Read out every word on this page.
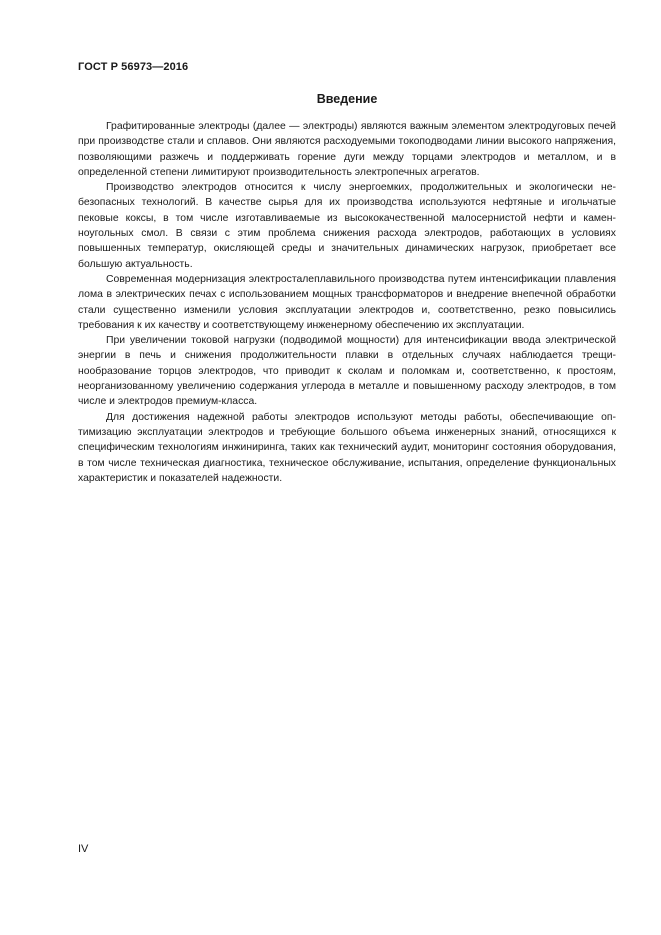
ГОСТ Р 56973—2016
Введение

Графитированные электроды (далее — электроды) являются важным элементом электродуговых печей при производстве стали и сплавов. Они являются расходуемыми токоподводами линии высокого напряжения, позволяющими разжечь и поддерживать горение дуги между торцами электродов и металлом, и в определенной степени лимитируют производительность электропечных агрегатов.

Производство электродов относится к числу энергоемких, продолжительных и экологически небезопасных технологий. В качестве сырья для их производства используются нефтяные и игольчатые пековые коксы, в том числе изготавливаемые из высококачественной малосернистой нефти и каменноугольных смол. В связи с этим проблема снижения расхода электродов, работающих в условиях повышенных температур, окисляющей среды и значительных динамических нагрузок, приобретает все большую актуальность.

Современная модернизация электросталеплавильного производства путем интенсификации плавления лома в электрических печах с использованием мощных трансформаторов и внедрение внепечной обработки стали существенно изменили условия эксплуатации электродов и, соответственно, резко повысились требования к их качеству и соответствующему инженерному обеспечению их эксплуатации.

При увеличении токовой нагрузки (подводимой мощности) для интенсификации ввода электрической энергии в печь и снижения продолжительности плавки в отдельных случаях наблюдается трещинообразование торцов электродов, что приводит к сколам и поломкам и, соответственно, к простоям, неорганизованному увеличению содержания углерода в металле и повышенному расходу электродов, в том числе и электродов премиум-класса.

Для достижения надежной работы электродов используют методы работы, обеспечивающие оптимизацию эксплуатации электродов и требующие большого объема инженерных знаний, относящихся к специфическим технологиям инжиниринга, таких как технический аудит, мониторинг состояния оборудования, в том числе техническая диагностика, техническое обслуживание, испытания, определение функциональных характеристик и показателей надежности.

IV
